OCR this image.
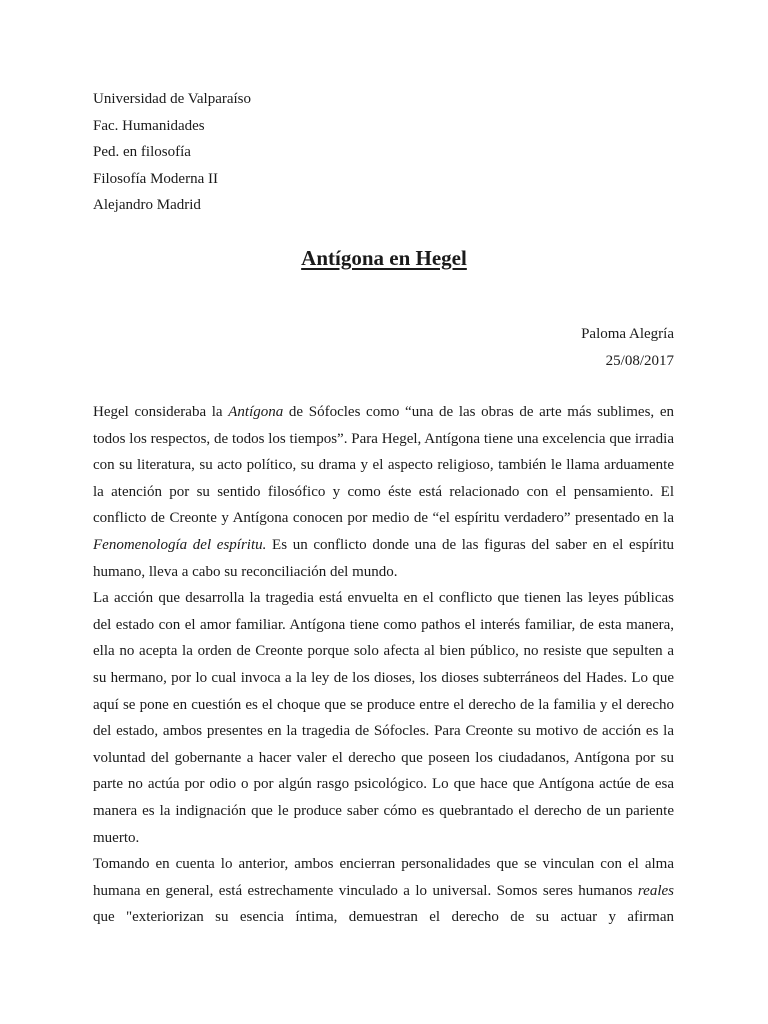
Universidad de Valparaíso
Fac. Humanidades
Ped. en filosofía
Filosofía Moderna II
Alejandro Madrid
Antígona en Hegel
Paloma Alegría
25/08/2017

Hegel consideraba la Antígona de Sófocles como “una de las obras de arte más sublimes, en todos los respectos, de todos los tiempos”. Para Hegel, Antígona tiene una excelencia que irradia con su literatura, su acto político, su drama y el aspecto religioso, también le llama arduamente la atención por su sentido filosófico y como éste está relacionado con el pensamiento. El conflicto de Creonte y Antígona conocen por medio de “el espíritu verdadero” presentado en la Fenomenología del espíritu. Es un conflicto donde una de las figuras del saber en el espíritu humano, lleva a cabo su reconciliación del mundo.

La acción que desarrolla la tragedia está envuelta en el conflicto que tienen las leyes públicas del estado con el amor familiar. Antígona tiene como pathos el interés familiar, de esta manera, ella no acepta la orden de Creonte porque solo afecta al bien público, no resiste que sepulten a su hermano, por lo cual invoca a la ley de los dioses, los dioses subterráneos del Hades. Lo que aquí se pone en cuestión es el choque que se produce entre el derecho de la familia y el derecho del estado, ambos presentes en la tragedia de Sófocles. Para Creonte su motivo de acción es la voluntad del gobernante a hacer valer el derecho que poseen los ciudadanos, Antígona por su parte no actúa por odio o por algún rasgo psicológico. Lo que hace que Antígona actúe de esa manera es la indignación que le produce saber cómo es quebrantado el derecho de un pariente muerto.

Tomando en cuenta lo anterior, ambos encierran personalidades que se vinculan con el alma humana en general, está estrechamente vinculado a lo universal. Somos seres humanos reales que "exteriorizan su esencia íntima, demuestran el derecho de su actuar y afirman
